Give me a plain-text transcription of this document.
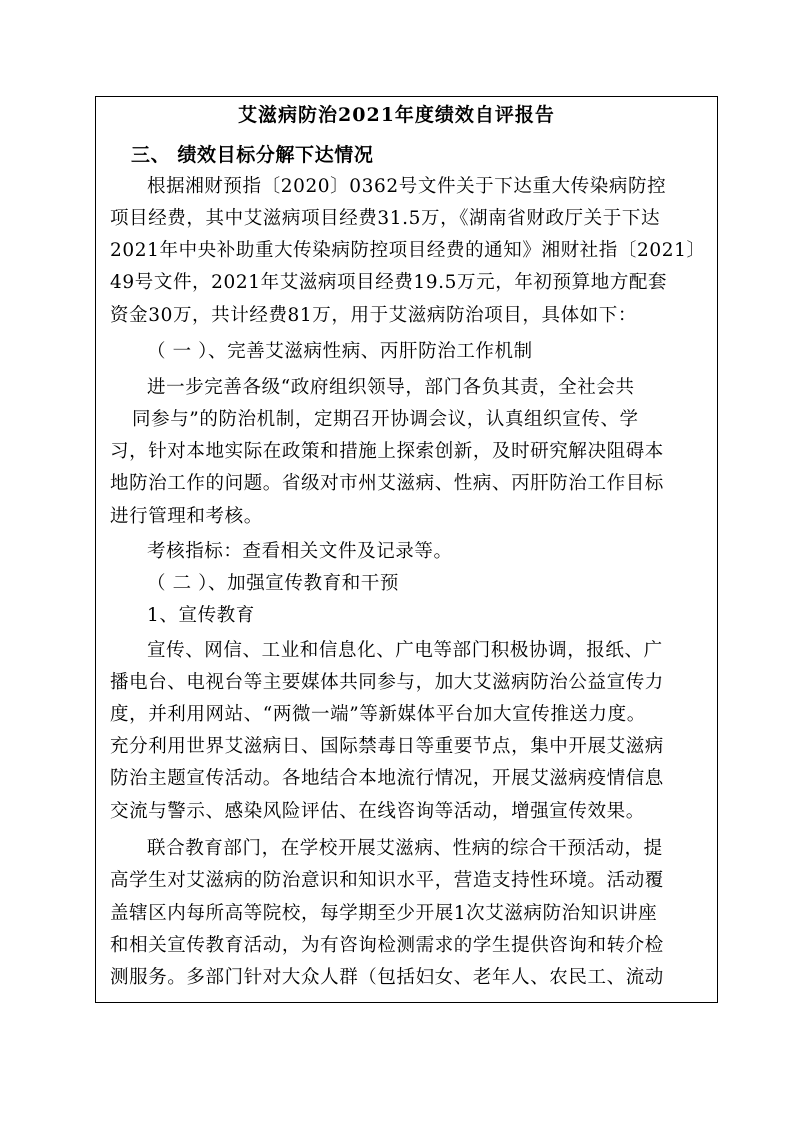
艾滋病防治2021年度绩效自评报告
三、 绩效目标分解下达情况
根据湘财预指〔2020〕0362号文件关于下达重大传染病防控
项目经费，其中艾滋病项目经费31.5万，《湖南省财政厅关于下达
2021年中央补助重大传染病防控项目经费的通知》湘财社指〔2021〕
49号文件，2021年艾滋病项目经费19.5万元，年初预算地方配套
资金30万，共计经费81万，用于艾滋病防治项目，具体如下：
（ 一 ）、完善艾滋病性病、丙肝防治工作机制
进一步完善各级“政府组织领导，部门各负其责，全社会共
同参与”的防治机制，定期召开协调会议，认真组织宣传、学
习，针对本地实际在政策和措施上探索创新，及时研究解决阻碍本
地防治工作的问题。省级对市州艾滋病、性病、丙肝防治工作目标
进行管理和考核。
考核指标：查看相关文件及记录等。
（ 二 ）、加强宣传教育和干预
1、宣传教育
宣传、网信、工业和信息化、广电等部门积极协调，报纸、广
播电台、电视台等主要媒体共同参与，加大艾滋病防治公益宣传力
度，并利用网站、“两微一端”等新媒体平台加大宣传推送力度。
充分利用世界艾滋病日、国际禁毒日等重要节点，集中开展艾滋病
防治主题宣传活动。各地结合本地流行情况，开展艾滋病疫情信息
交流与警示、感染风险评估、在线咨询等活动，增强宣传效果。
联合教育部门，在学校开展艾滋病、性病的综合干预活动，提
高学生对艾滋病的防治意识和知识水平，营造支持性环境。活动覆
盖辖区内每所高等院校，每学期至少开展1次艾滋病防治知识讲座
和相关宣传教育活动，为有咨询检测需求的学生提供咨询和转介检
测服务。多部门针对大众人群（包括妇女、老年人、农民工、流动
